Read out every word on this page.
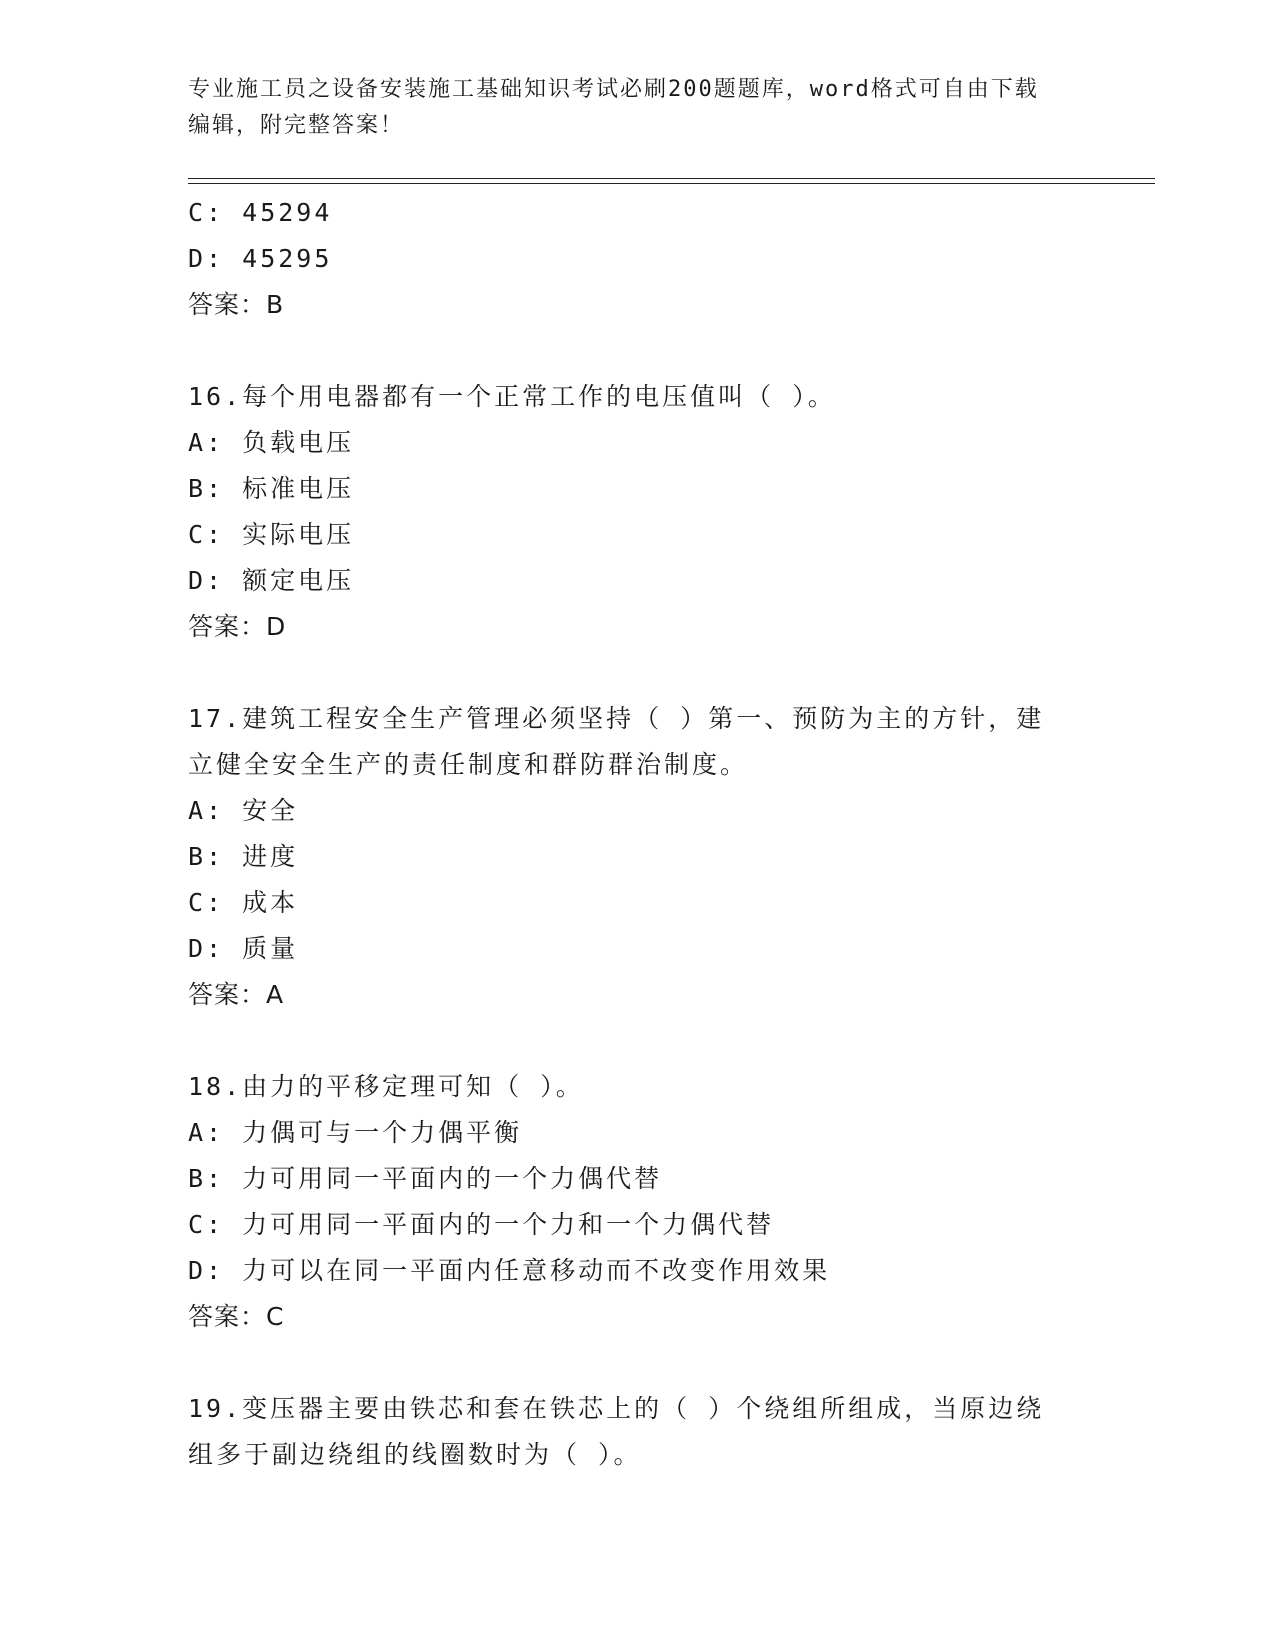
专业施工员之设备安装施工基础知识考试必刷200题题库，word格式可自由下载
编辑，附完整答案！
C: 45294
D: 45295
答案：B
16.每个用电器都有一个正常工作的电压值叫（ ）。
A: 负载电压
B: 标准电压
C: 实际电压
D: 额定电压
答案：D
17.建筑工程安全生产管理必须坚持（ ）第一、预防为主的方针，建
立健全安全生产的责任制度和群防群治制度。
A: 安全
B: 进度
C: 成本
D: 质量
答案：A
18.由力的平移定理可知（ ）。
A: 力偶可与一个力偶平衡
B: 力可用同一平面内的一个力偶代替
C: 力可用同一平面内的一个力和一个力偶代替
D: 力可以在同一平面内任意移动而不改变作用效果
答案：C
19.变压器主要由铁芯和套在铁芯上的（ ）个绕组所组成，当原边绕
组多于副边绕组的线圈数时为（ ）。
